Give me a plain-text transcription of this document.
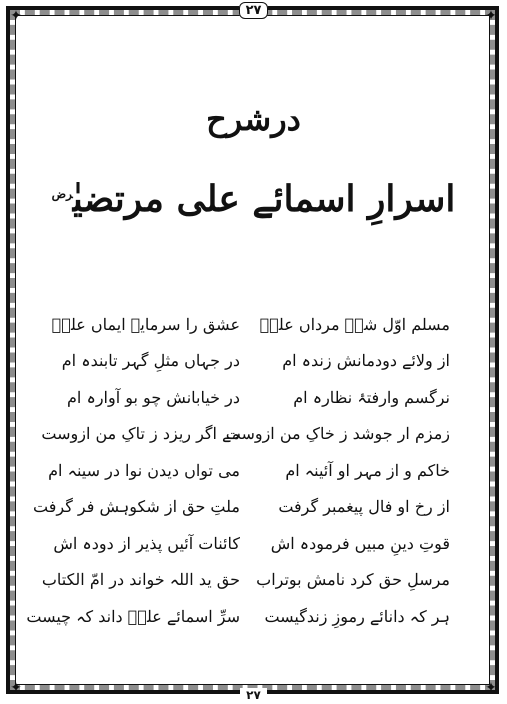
✦	✦
✦	✦
۲۷
درشرح
اسرارِ اسمائے علی مرتضیٰ$^{رض}$
مسلم اوّل شہِ مرداں علیؓ
عشق را سرمایۂ ایماں علیؓ
از ولائے دودمانش زندہ ام
در جہاں مثلِ گہر تابندہ ام
نرگسم وارفتۂ نظارہ ام
در خیابانش چو بو آوارہ ام
زمزم ار جوشد ز خاکِ من ازوست
مے اگر ریزد ز تاکِ من ازوست
خاکم و از مہر او آئینہ ام
می تواں دیدن نوا در سینہ ام
از رخ او فال پیغمبر گرفت
ملتِ حق از شکوہش فر گرفت
قوتِ دینِ مبیں فرمودہ اش
کائنات آئیں پذیر از دودہ اش
مرسلِ حق کرد نامش بوتراب
حق ید اللہ خواند در امّ الکتاب
ہر کہ دانائے رموزِ زندگیست
سرِّ اسمائے علیؓ داند کہ چیست
۲۷
